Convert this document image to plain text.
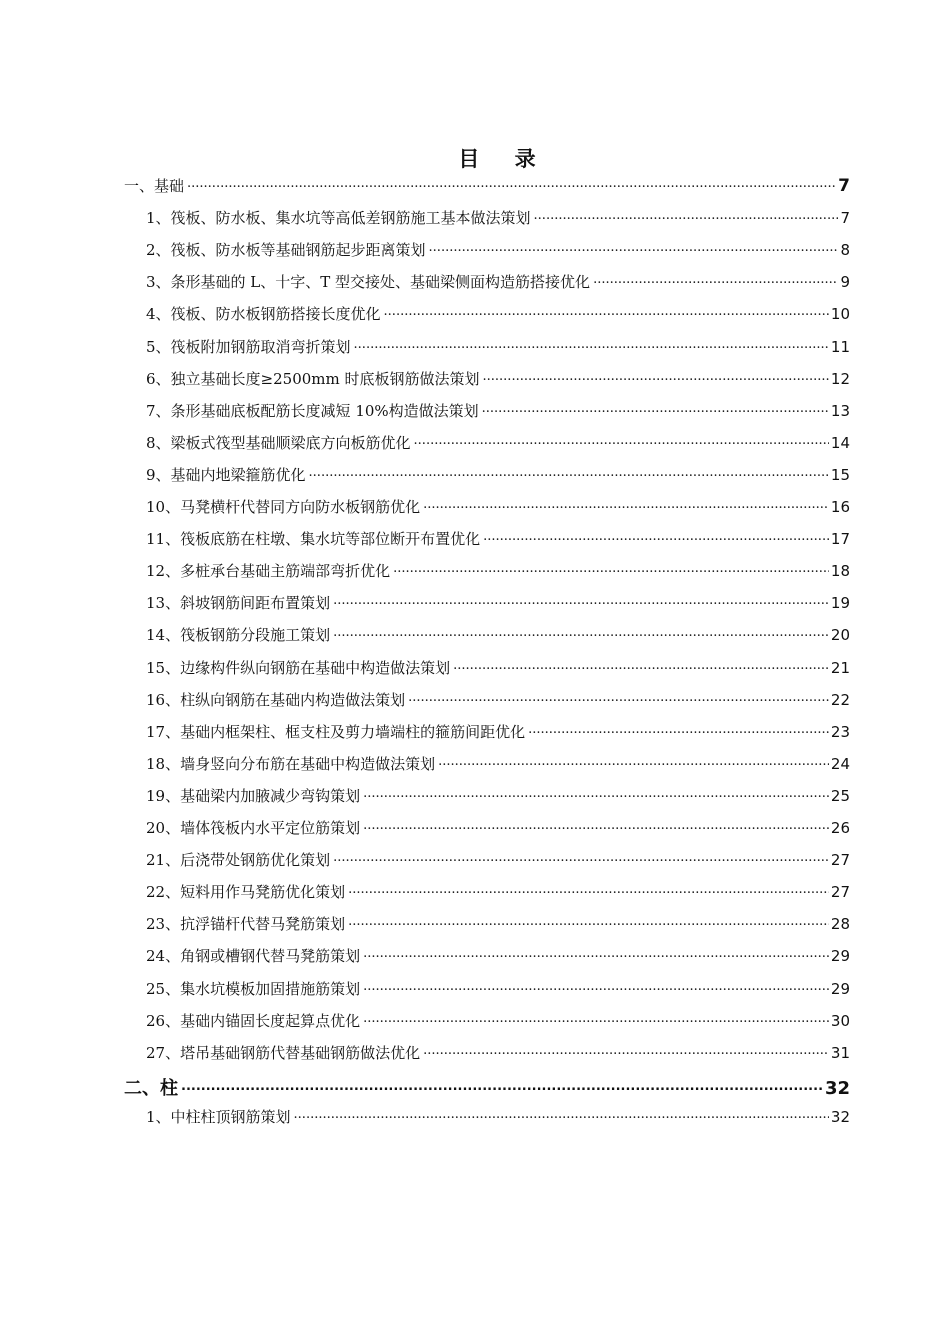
目 录
一、基础 .....	7
1、筏板、防水板、集水坑等高低差钢筋施工基本做法策划 .....	7
2、筏板、防水板等基础钢筋起步距离策划 .....	8
3、条形基础的 L、十字、T 型交接处、基础梁侧面构造筋搭接优化 .....	9
4、筏板、防水板钢筋搭接长度优化 .....	10
5、筏板附加钢筋取消弯折策划 .....	11
6、独立基础长度≥2500mm 时底板钢筋做法策划 .....	12
7、条形基础底板配筋长度减短 10%构造做法策划 .....	13
8、梁板式筏型基础顺梁底方向板筋优化 .....	14
9、基础内地梁箍筋优化 .....	15
10、马凳横杆代替同方向防水板钢筋优化 .....	16
11、筏板底筋在柱墩、集水坑等部位断开布置优化 .....	17
12、多桩承台基础主筋端部弯折优化 .....	18
13、斜坡钢筋间距布置策划 .....	19
14、筏板钢筋分段施工策划 .....	20
15、边缘构件纵向钢筋在基础中构造做法策划 .....	21
16、柱纵向钢筋在基础内构造做法策划 .....	22
17、基础内框架柱、框支柱及剪力墙端柱的箍筋间距优化 .....	23
18、墙身竖向分布筋在基础中构造做法策划 .....	24
19、基础梁内加腋减少弯钩策划 .....	25
20、墙体筏板内水平定位筋策划 .....	26
21、后浇带处钢筋优化策划 .....	27
22、短料用作马凳筋优化策划 .....	27
23、抗浮锚杆代替马凳筋策划 .....	28
24、角钢或槽钢代替马凳筋策划 .....	29
25、集水坑模板加固措施筋策划 .....	29
26、基础内锚固长度起算点优化 .....	30
27、塔吊基础钢筋代替基础钢筋做法优化 .....	31
二、柱 .....	32
1、中柱柱顶钢筋策划 .....	32
